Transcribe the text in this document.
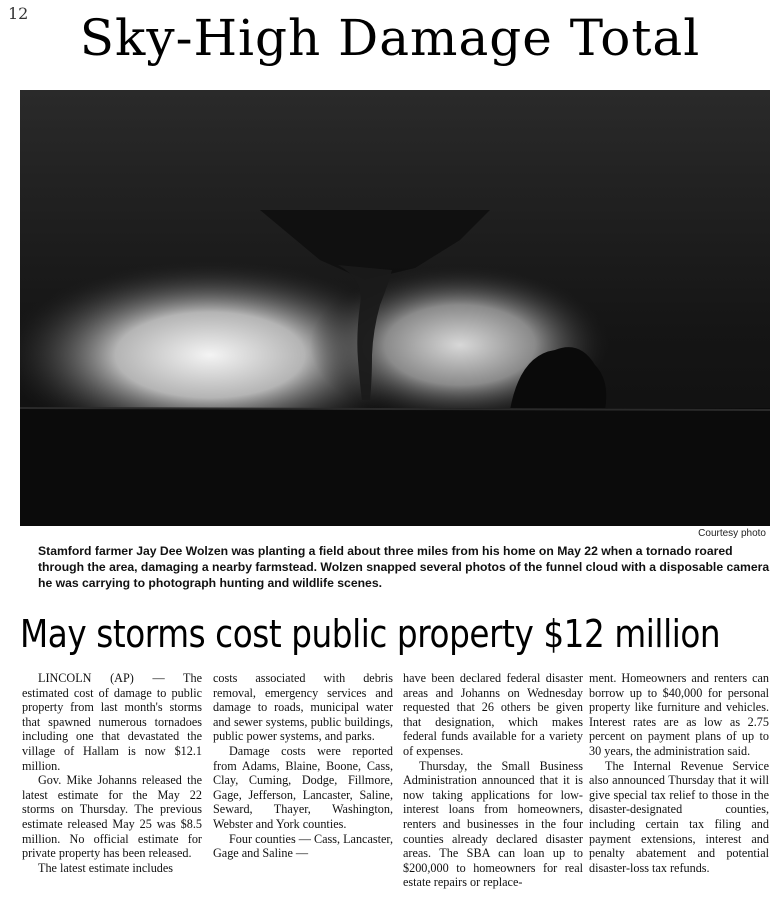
12	Sky-High Damage Total
Courtesy photo
Stamford farmer Jay Dee Wolzen was planting a field about three miles from his home on May 22 when a tornado roared
through the area, damaging a nearby farmstead. Wolzen snapped several photos of the funnel cloud with a disposable camera
he was carrying to photograph hunting and wildlife scenes.
May storms cost public property $12 million

LINCOLN (AP) — The estimated cost of damage to public property from last month's storms that spawned numerous tornadoes including one that devastated the village of Hallam is now $12.1 million.

Gov. Mike Johanns released the latest estimate for the May 22 storms on Thursday. The previous estimate released May 25 was $8.5 million. No official estimate for private property has been released.

The latest estimate includes

costs associated with debris removal, emergency services and damage to roads, municipal water and sewer systems, public buildings, public power systems, and parks.

Damage costs were reported from Adams, Blaine, Boone, Cass, Clay, Cuming, Dodge, Fillmore, Gage, Jefferson, Lancaster, Saline, Seward, Thayer, Washington, Webster and York counties.

Four counties — Cass, Lancaster, Gage and Saline —

have been declared federal disaster areas and Johanns on Wednesday requested that 26 others be given that designation, which makes federal funds available for a variety of expenses.

Thursday, the Small Business Administration announced that it is now taking applications for low-interest loans from homeowners, renters and businesses in the four counties already declared disaster areas. The SBA can loan up to $200,000 to homeowners for real estate repairs or replace-

ment. Homeowners and renters can borrow up to $40,000 for personal property like furniture and vehicles. Interest rates are as low as 2.75 percent on payment plans of up to 30 years, the administration said.

The Internal Revenue Service also announced Thursday that it will give special tax relief to those in the disaster-designated counties, including certain tax filing and payment extensions, interest and penalty abatement and potential disaster-loss tax refunds.
